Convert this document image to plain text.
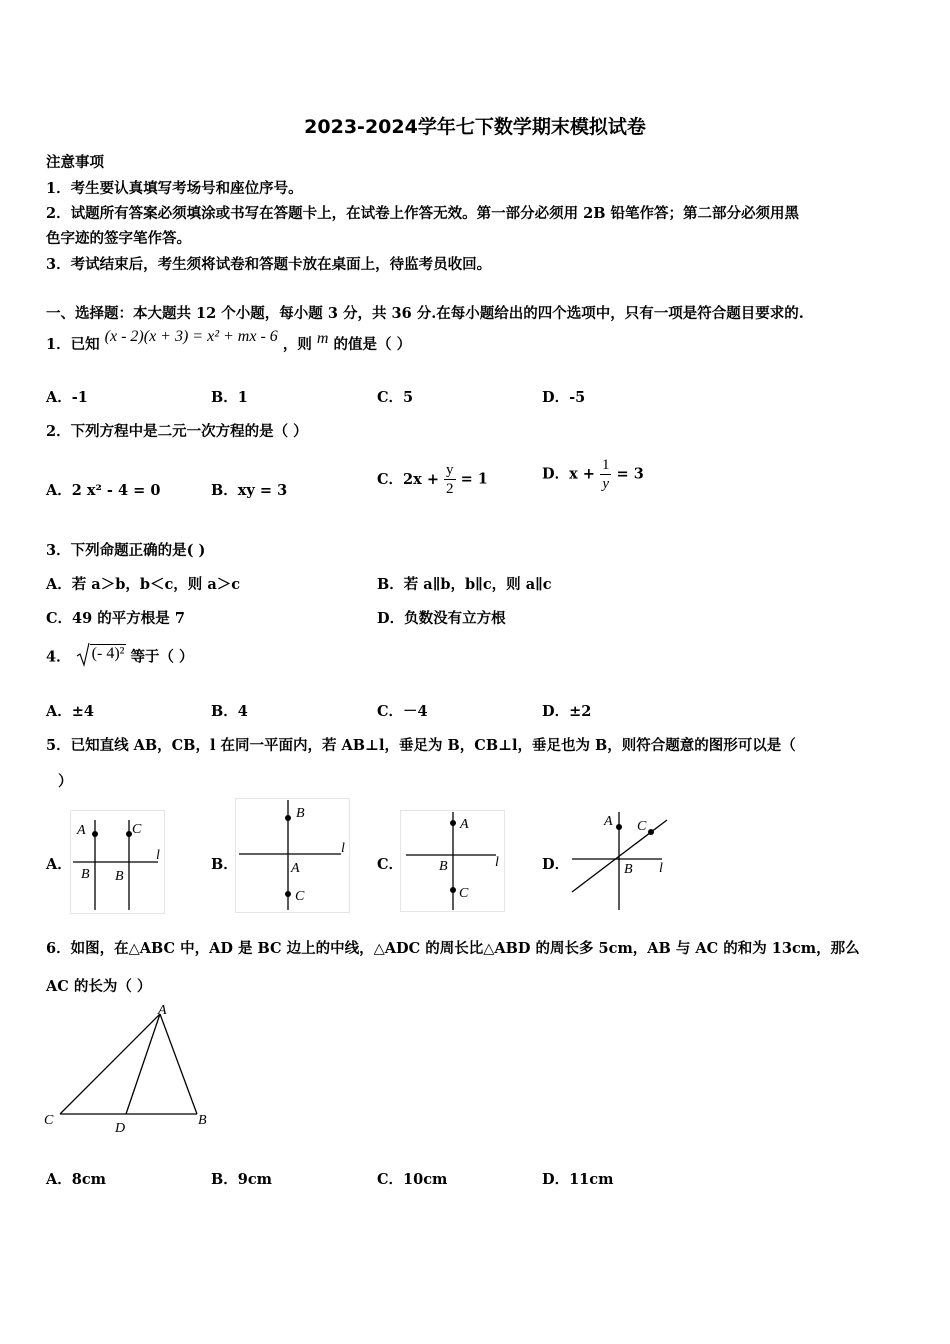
2023-2024学年七下数学期末模拟试卷
注意事项
1．考生要认真填写考场号和座位序号。
2．试题所有答案必须填涂或书写在答题卡上，在试卷上作答无效。第一部分必须用 2B 铅笔作答；第二部分必须用黑
色字迹的签字笔作答。
3．考试结束后，考生须将试卷和答题卡放在桌面上，待监考员收回。
一、选择题：本大题共 12 个小题，每小题 3 分，共 36 分.在每小题给出的四个选项中，只有一项是符合题目要求的.
1．已知 (x - 2)(x + 3) = x² + mx - 6 ，则 m 的值是（ ）
A．-1	B．1	C．5	D．-5
2．下列方程中是二元一次方程的是（ ）
A．2 x² - 4 = 0	B．xy = 3
C．$2x + \frac{y}{2} = 1$	D．$x + \frac{1}{y} = 3$
3．下列命题正确的是( )
A．若 a＞b，b＜c，则 a＞c	B．若 a∥b，b∥c，则 a∥c
C．49 的平方根是 7	D．负数没有立方根
4． (- 4)² 等于（ ）
A．±4	B．4	C．－4	D．±2
5．已知直线 AB，CB，l 在同一平面内，若 AB⊥l，垂足为 B，CB⊥l，垂足也为 B，则符合题意的图形可以是（
）
A．	B．	C．	D．
A	C
l
B B
B
l
A
C
A
l
B
C
A C
B l
6．如图，在△ABC 中，AD 是 BC 边上的中线，△ADC 的周长比△ABD 的周长多 5cm，AB 与 AC 的和为 13cm，那么
AC 的长为（ ）
A
B
C
D
A．8cm	B．9cm	C．10cm	D．11cm
